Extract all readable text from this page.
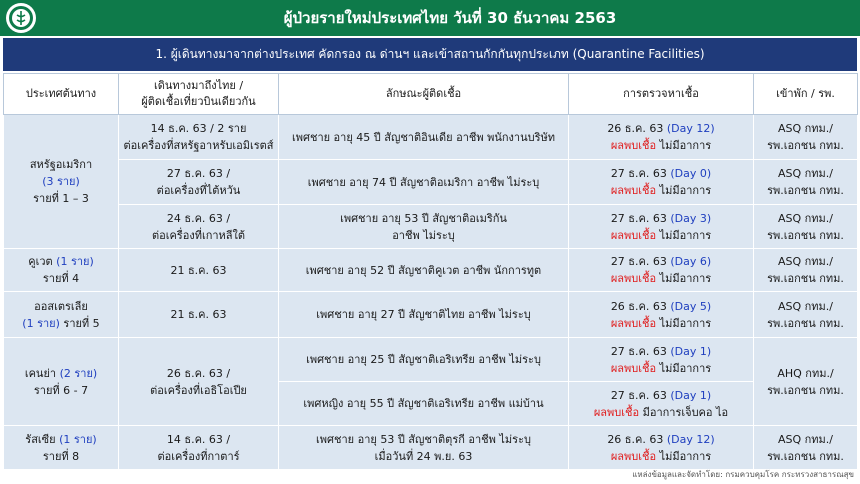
ผู้ป่วยรายใหม่ประเทศไทย วันที่ 30 ธันวาคม 2563
1. ผู้เดินทางมาจากต่างประเทศ คัดกรอง ณ ด่านฯ และเข้าสถานกักกันทุกประเภท (Quarantine Facilities)
ประเทศต้นทาง	เดินทางมาถึงไทย /
ผู้ติดเชื้อเที่ยวบินเดียวกัน	ลักษณะผู้ติดเชื้อ	การตรวจหาเชื้อ	เข้าพัก / รพ.
สหรัฐอเมริกา
(3 ราย)
รายที่ 1 – 3	14 ธ.ค. 63 / 2 ราย
ต่อเครื่องที่สหรัฐอาหรับเอมิเรตส์	เพศชาย อายุ 45 ปี สัญชาติอินเดีย อาชีพ พนักงานบริษัท	26 ธ.ค. 63 (Day 12)
ผลพบเชื้อ ไม่มีอาการ	ASQ กทม./
รพ.เอกชน กทม.
	27 ธ.ค. 63 /
ต่อเครื่องที่ไต้หวัน	เพศชาย อายุ 74 ปี สัญชาติอเมริกา อาชีพ ไม่ระบุ	27 ธ.ค. 63 (Day 0)
ผลพบเชื้อ ไม่มีอาการ	ASQ กทม./
รพ.เอกชน กทม.
	24 ธ.ค. 63 /
ต่อเครื่องที่เกาหลีใต้	เพศชาย อายุ 53 ปี สัญชาติอเมริกัน
อาชีพ ไม่ระบุ	27 ธ.ค. 63 (Day 3)
ผลพบเชื้อ ไม่มีอาการ	ASQ กทม./
รพ.เอกชน กทม.
คูเวต (1 ราย)
รายที่ 4	21 ธ.ค. 63	เพศชาย อายุ 52 ปี สัญชาติคูเวต อาชีพ นักการทูต	27 ธ.ค. 63 (Day 6)
ผลพบเชื้อ ไม่มีอาการ	ASQ กทม./
รพ.เอกชน กทม.
ออสเตรเลีย
(1 ราย) รายที่ 5	21 ธ.ค. 63	เพศชาย อายุ 27 ปี สัญชาติไทย อาชีพ ไม่ระบุ	26 ธ.ค. 63 (Day 5)
ผลพบเชื้อ ไม่มีอาการ	ASQ กทม./
รพ.เอกชน กทม.
เคนย่า (2 ราย)
รายที่ 6 - 7	26 ธ.ค. 63 /
ต่อเครื่องที่เอธิโอเปีย	เพศชาย อายุ 25 ปี สัญชาติเอริเทรีย อาชีพ ไม่ระบุ	27 ธ.ค. 63 (Day 1)
ผลพบเชื้อ ไม่มีอาการ	AHQ กทม./
รพ.เอกชน กทม.
		เพศหญิง อายุ 55 ปี สัญชาติเอริเทรีย อาชีพ แม่บ้าน	27 ธ.ค. 63 (Day 1)
ผลพบเชื้อ มีอาการเจ็บคอ ไอ	
รัสเซีย (1 ราย)
รายที่ 8	14 ธ.ค. 63 /
ต่อเครื่องที่กาตาร์	เพศชาย อายุ 53 ปี สัญชาติตุรกี อาชีพ ไม่ระบุ
เมื่อวันที่ 24 พ.ย. 63	26 ธ.ค. 63 (Day 12)
ผลพบเชื้อ ไม่มีอาการ	ASQ กทม./
รพ.เอกชน กทม.
แหล่งข้อมูลและจัดทำโดย: กรมควบคุมโรค กระทรวงสาธารณสุข
